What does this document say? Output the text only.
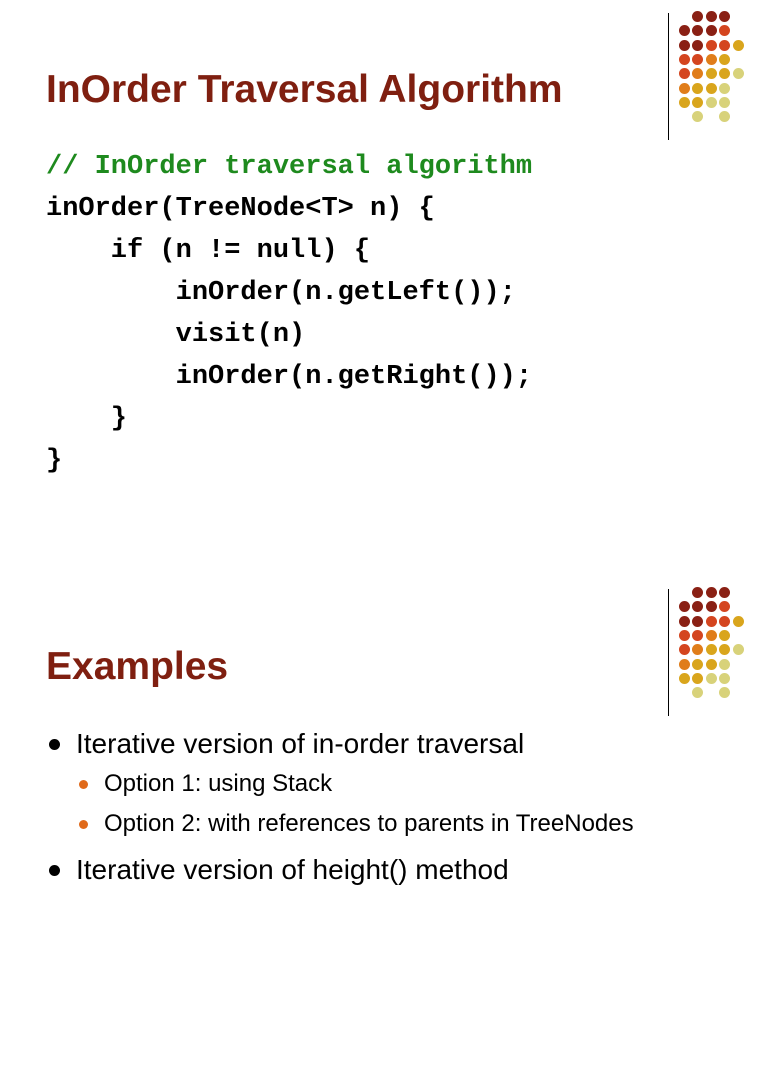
InOrder Traversal Algorithm
// InOrder traversal algorithm
inOrder(TreeNode<T> n) {
if (n != null) {
inOrder(n.getLeft());
visit(n)
inOrder(n.getRight());
}
}
Examples
Iterative version of in-order traversal
Option 1: using Stack
Option 2: with references to parents in TreeNodes
Iterative version of height() method
